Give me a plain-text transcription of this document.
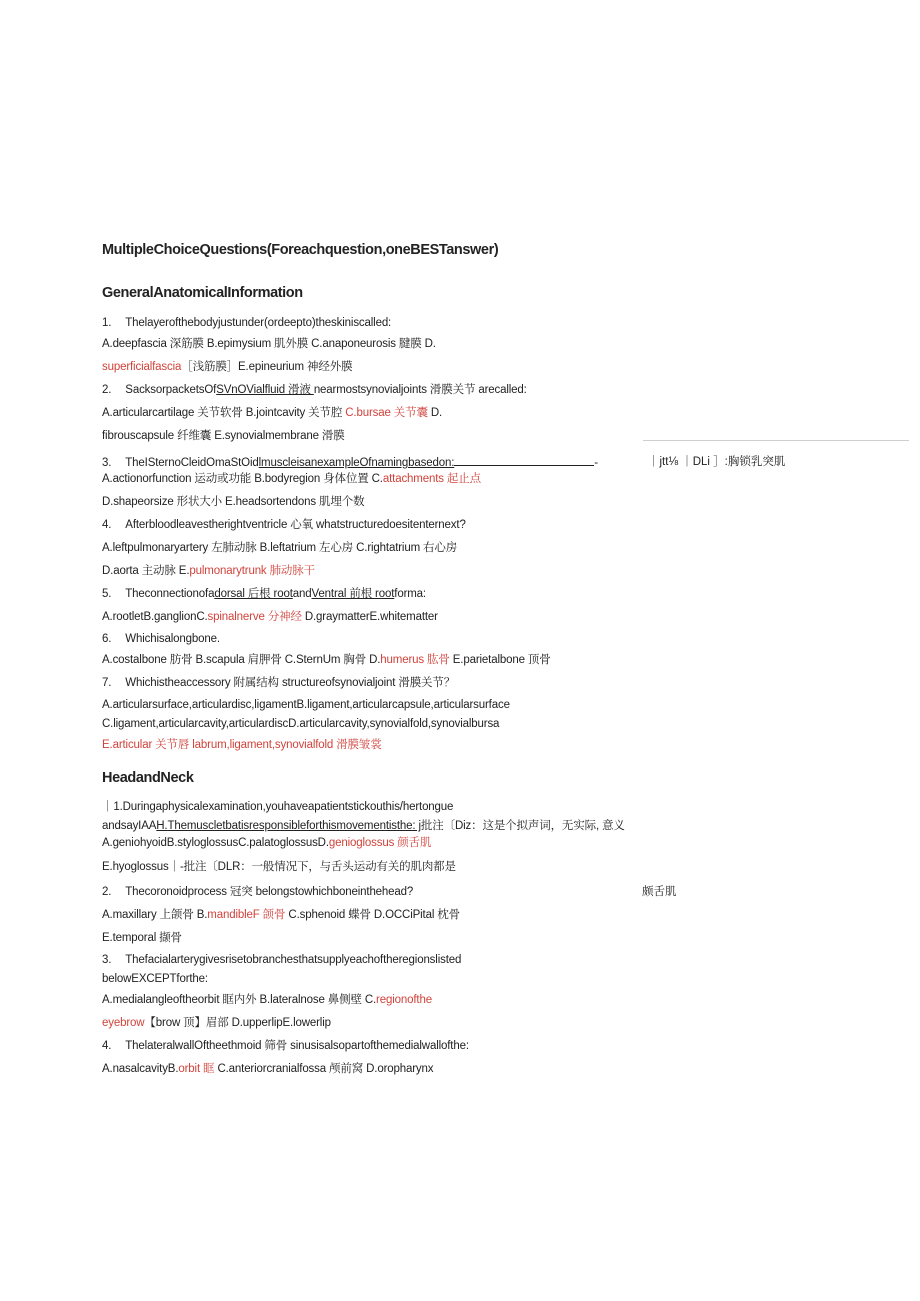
MultipleChoiceQuestions(Foreachquestion,oneBESTanswer)
GeneralAnatomicalInformation
1. Thelayerofthebodyjustunder(ordeepto)theskiniscalled:
A.deepfascia 深筋膜 B.epimysium 肌外膜 C.anaponeurosis 腱膜 D.
superficialfascia［浅筋膜］E.epineurium 神经外膜
2. SacksorpacketsOfSVnOVialfluid 滑液 nearmostsynovialjoints 滑膜关节 arecalled:
A.articularcartilage 关节软骨 B.jointcavity 关节腔 C.bursae 关节囊 D.
fibrouscapsule 纤维囊 E.synovialmembrane 滑膜
3. TheISternoCleidOmaStOidlmuscleisanexampleOfnamingbasedon:	-	｜jtt⅛ ｜DLi ］:胸锁乳突肌
A.actionorfunction 运动或功能 B.bodyregion 身体位置 C.attachments 起止点
D.shapeorsize 形状大小 E.headsortendons 肌埋个数
4. Afterbloodleavestherightventricle 心氧 whatstructuredoesitenternext?
A.leftpulmonaryartery 左肺动脉 B.leftatrium 左心房 C.rightatrium 右心房
D.aorta 主动脉 E.pulmonarytrunk 肺动脉干
5. Theconnectionofadorsal 后根 rootandVentral 前根 rootforma:
A.rootletB.ganglionC.spinalnerve 分神经 D.graymatterE.whitematter
6. Whichisalongbone.
A.costalbone 肪骨 B.scapula 肩胛骨 C.SternUm 胸骨 D.humerus 肱骨 E.parietalbone 顶骨
7. Whichistheaccessory 附属结构 structureofsynovialjoint 滑膜关节？
A.articularsurface,articulardisc,ligamentB.ligament,articularcapsule,articularsurface
C.ligament,articularcavity,articulardiscD.articularcavity,synovialfold,synovialbursa
E.articular 关节唇 labrum,ligament,synovialfold 滑膜皱裳
HeadandNeck
｜1.Duringaphysicalexamination,youhaveapatientstickouthis/hertongue
andsayIAAH.Themuscletbatisresponsibleforthismovementisthe: j批注〔Diz：这是个拟声词，无实际, 意义
A.geniohyoidB.styloglossusC.palatoglossusD.genioglossus 颜舌肌
E.hyoglossus｜-批注〔DLR：一般情况下，与舌头运动有关的肌肉都是
2. Thecoronoidprocess 冠突 belongstowhichboneinthehead?	颇舌肌
A.maxillary 上颌骨 B.mandibleF 颌骨 C.sphenoid 蝶骨 D.OCCiPital 枕骨
E.temporal 撷骨
3. Thefacialarterygivesrisetobranchesthatsupplyeachoftheregionslisted
belowEXCEPTforthe:
A.medialangleoftheorbit 眶内外 B.lateralnose 鼻侧壁 C.regionofthe
eyebrow【brow 顶】眉部 D.upperlipE.lowerlip
4. ThelateralwallOftheethmoid 筛骨 sinusisalsopartofthemedialwallofthe:
A.nasalcavityB.orbit 眶 C.anteriorcranialfossa 颅前窝 D.oropharynx
